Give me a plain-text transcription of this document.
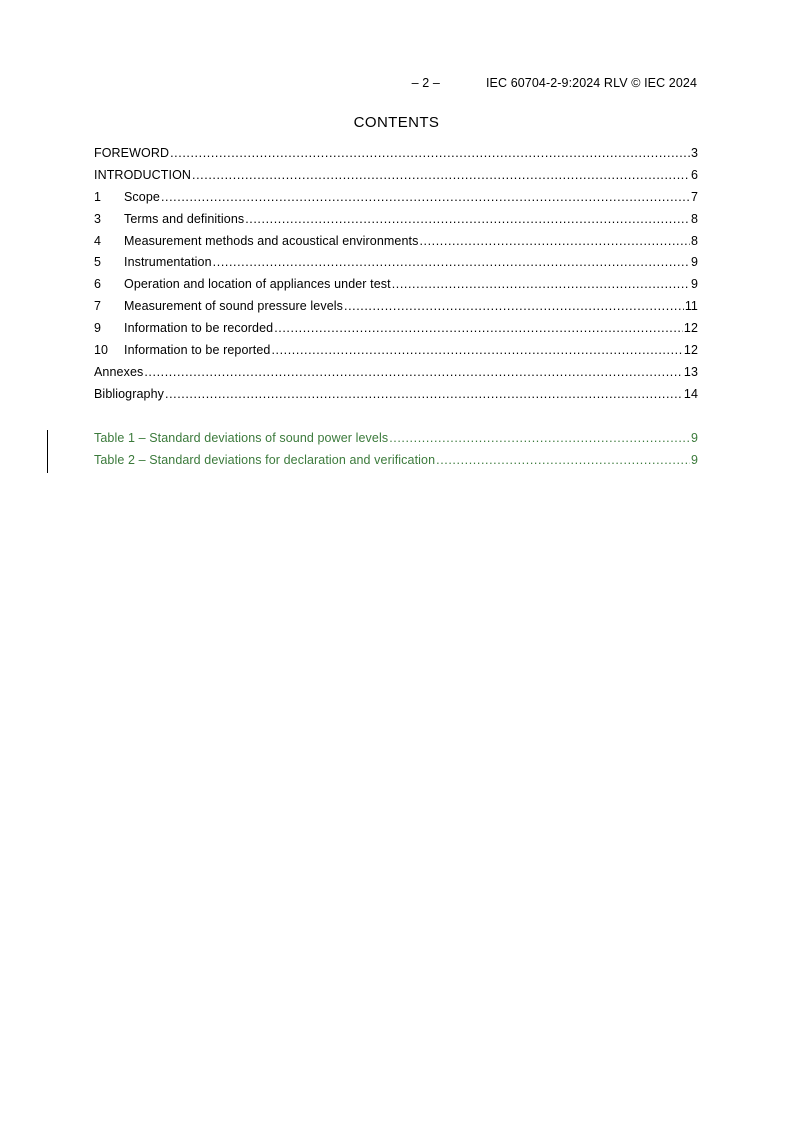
– 2 –	IEC 60704-2-9:2024 RLV © IEC 2024
CONTENTS
FOREWORD .....	3
INTRODUCTION .....	6
1	Scope .....	7
3	Terms and definitions .....	8
4	Measurement methods and acoustical environments .....	8
5	Instrumentation .....	9
6	Operation and location of appliances under test .....	9
7	Measurement of sound pressure levels .....	11
9	Information to be recorded .....	12
10	Information to be reported .....	12
Annexes .....	13
Bibliography .....	14
Table 1 – Standard deviations of sound power levels .....	9
Table 2 – Standard deviations for declaration and verification .....	9
